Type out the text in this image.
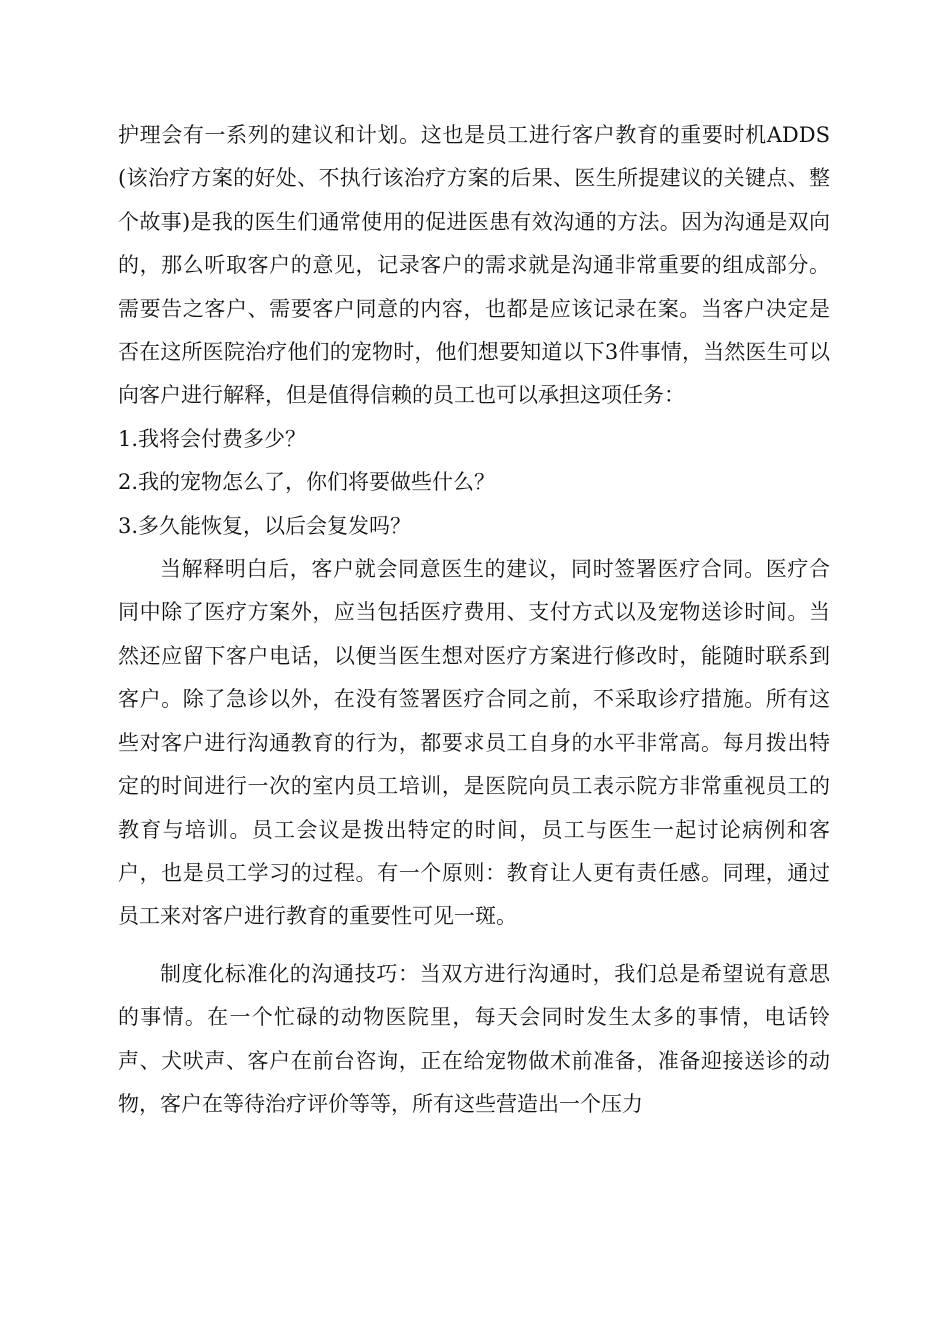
护理会有一系列的建议和计划。这也是员工进行客户教育的重要时机ADDS(该治疗方案的好处、不执行该治疗方案的后果、医生所提建议的关键点、整个故事)是我的医生们通常使用的促进医患有效沟通的方法。因为沟通是双向的，那么听取客户的意见，记录客户的需求就是沟通非常重要的组成部分。需要告之客户、需要客户同意的内容，也都是应该记录在案。当客户决定是否在这所医院治疗他们的宠物时，他们想要知道以下3件事情，当然医生可以向客户进行解释，但是值得信赖的员工也可以承担这项任务：

1.我将会付费多少？

2.我的宠物怎么了，你们将要做些什么？

3.多久能恢复，以后会复发吗？

当解释明白后，客户就会同意医生的建议，同时签署医疗合同。医疗合同中除了医疗方案外，应当包括医疗费用、支付方式以及宠物送诊时间。当然还应留下客户电话，以便当医生想对医疗方案进行修改时，能随时联系到客户。除了急诊以外，在没有签署医疗合同之前，不采取诊疗措施。所有这些对客户进行沟通教育的行为，都要求员工自身的水平非常高。每月拨出特定的时间进行一次的室内员工培训，是医院向员工表示院方非常重视员工的教育与培训。员工会议是拨出特定的时间，员工与医生一起讨论病例和客户，也是员工学习的过程。有一个原则：教育让人更有责任感。同理，通过员工来对客户进行教育的重要性可见一斑。

制度化标准化的沟通技巧：当双方进行沟通时，我们总是希望说有意思的事情。在一个忙碌的动物医院里，每天会同时发生太多的事情，电话铃声、犬吠声、客户在前台咨询，正在给宠物做术前准备，准备迎接送诊的动物，客户在等待治疗评价等等，所有这些营造出一个压力
